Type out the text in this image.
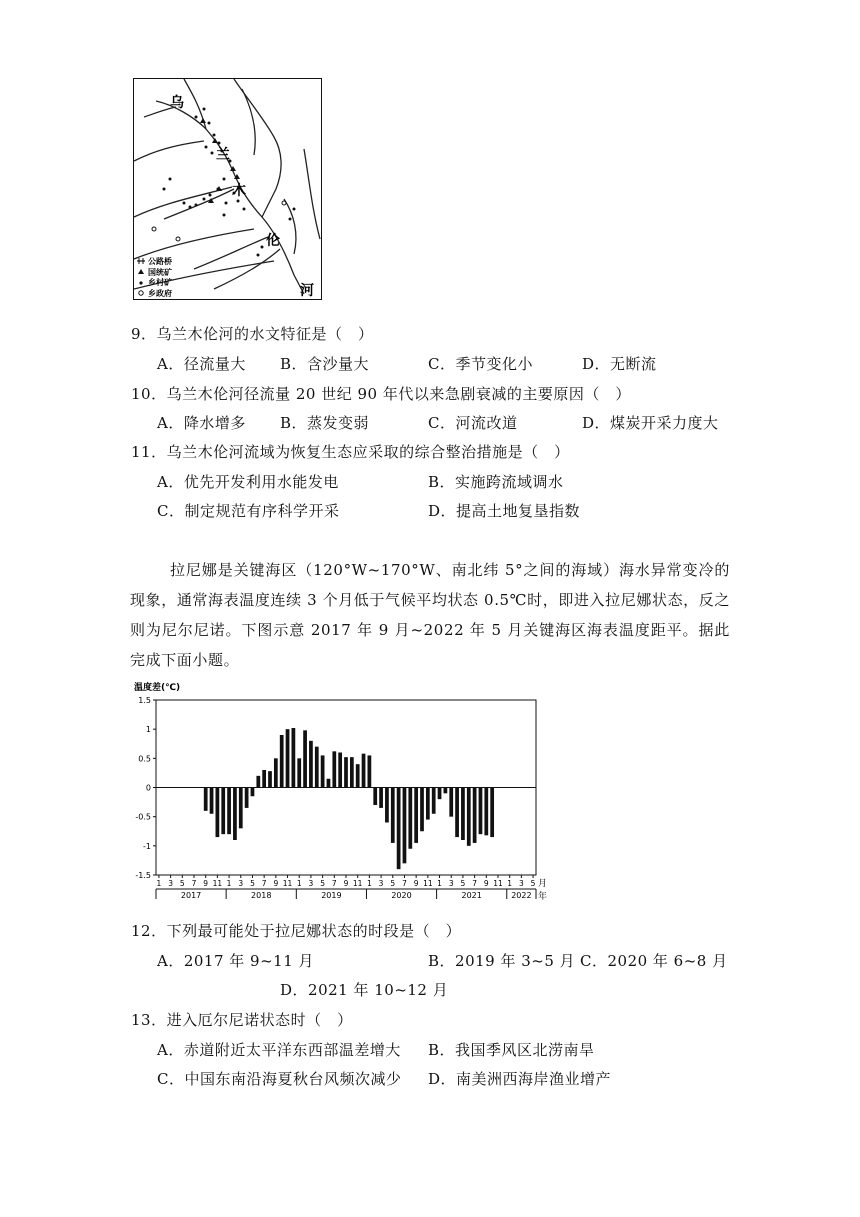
乌
兰
木
伦
河
公路桥
国统矿
乡村矿
乡政府
9．乌兰木伦河的水文特征是（　）
A．径流量大 B．含沙量大	C．季节变化小	D．无断流
10．乌兰木伦河径流量 20 世纪 90 年代以来急剧衰减的主要原因（　）
A．降水增多 B．蒸发变弱	C．河流改道	D．煤炭开采力度大
11．乌兰木伦河流域为恢复生态应采取的综合整治措施是（　）
A．优先开发利用水能发电	B．实施跨流域调水
C．制定规范有序科学开采	D．提高土地复垦指数
拉尼娜是关键海区（120°W~170°W、南北纬 5°之间的海域）海水异常变冷的现象，通常海表温度连续 3 个月低于气候平均状态 0.5℃时，即进入拉尼娜状态，反之则为尼尔尼诺。下图示意 2017 年 9 月~2022 年 5 月关键海区海表温度距平。据此完成下面小题。
温度差(℃)
1.5
1
0.5
0
-0.5
-1
-1.5
1 3 5 7 9 11 1 3 5 7 9 11 1 3 5 7 9 11 1 3 5 7 9 11 1 3 5 7 9 11 1 3 5
2017	2018	2019	2020	2021	2022
月
年
12．下列最可能处于拉尼娜状态的时段是（　）
A．2017 年 9~11 月	B．2019 年 3~5 月 C．2020 年 6~8 月
D．2021 年 10~12 月
13．进入厄尔尼诺状态时（　）
A．赤道附近太平洋东西部温差增大 B．我国季风区北涝南旱
C．中国东南沿海夏秋台风频次减少 D．南美洲西海岸渔业增产
